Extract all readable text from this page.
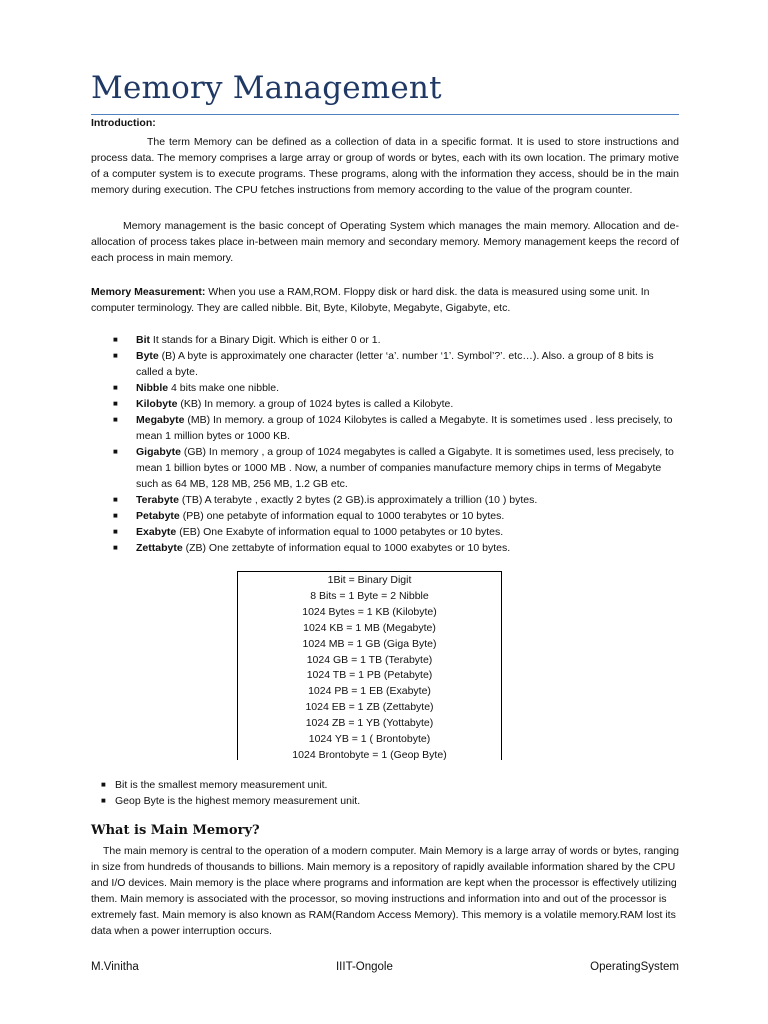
Memory Management
Introduction:
The term Memory can be defined as a collection of data in a specific format. It is used to store instructions and process data. The memory comprises a large array or group of words or bytes, each with its own location. The primary motive of a computer system is to execute programs. These programs, along with the information they access, should be in the main memory during execution. The CPU fetches instructions from memory according to the value of the program counter.
Memory management is the basic concept of Operating System which manages the main memory. Allocation and de-allocation of process takes place in-between main memory and secondary memory. Memory management keeps the record of each process in main memory.
Memory Measurement: When you use a RAM,ROM. Floppy disk or hard disk. the data is measured using some unit. In computer terminology. They are called nibble. Bit, Byte, Kilobyte, Megabyte, Gigabyte, etc.
■ Bit It stands for a Binary Digit. Which is either 0 or 1.
■ Byte (B) A byte is approximately one character (letter ‘a’. number ‘1’. Symbol’?’. etc…). Also. a group of 8 bits is called a byte.
■ Nibble 4 bits make one nibble.
■ Kilobyte (KB) In memory. a group of 1024 bytes is called a Kilobyte.
■ Megabyte (MB) In memory. a group of 1024 Kilobytes is called a Megabyte. It is sometimes used . less precisely, to mean 1 million bytes or 1000 KB.
■ Gigabyte (GB) In memory , a group of 1024 megabytes is called a Gigabyte. It is sometimes used, less precisely, to mean 1 billion bytes or 1000 MB . Now, a number of companies manufacture memory chips in terms of Megabyte such as 64 MB, 128 MB, 256 MB, 1.2 GB etc.
■ Terabyte (TB) A terabyte , exactly 2 bytes (2 GB).is approximately a trillion (10 ) bytes.
■ Petabyte (PB) one petabyte of information equal to 1000 terabytes or 10 bytes.
■ Exabyte (EB) One Exabyte of information equal to 1000 petabytes or 10 bytes.
■ Zettabyte (ZB) One zettabyte of information equal to 1000 exabytes or 10 bytes.
1Bit = Binary Digit
8 Bits = 1 Byte = 2 Nibble
1024 Bytes = 1 KB (Kilobyte)
1024 KB = 1 MB (Megabyte)
1024 MB = 1 GB (Giga Byte)
1024 GB = 1 TB (Terabyte)
1024 TB = 1 PB (Petabyte)
1024 PB = 1 EB (Exabyte)
1024 EB = 1 ZB (Zettabyte)
1024 ZB = 1 YB (Yottabyte)
1024 YB = 1 ( Brontobyte)
1024 Brontobyte = 1 (Geop Byte)
■ Bit is the smallest memory measurement unit.
■ Geop Byte is the highest memory measurement unit.
What is Main Memory?
The main memory is central to the operation of a modern computer. Main Memory is a large array of words or bytes, ranging in size from hundreds of thousands to billions. Main memory is a repository of rapidly available information shared by the CPU and I/O devices. Main memory is the place where programs and information are kept when the processor is effectively utilizing them. Main memory is associated with the processor, so moving instructions and information into and out of the processor is extremely fast. Main memory is also known as RAM(Random Access Memory). This memory is a volatile memory.RAM lost its data when a power interruption occurs.
M.Vinitha	IIIT-Ongole	OperatingSystem
